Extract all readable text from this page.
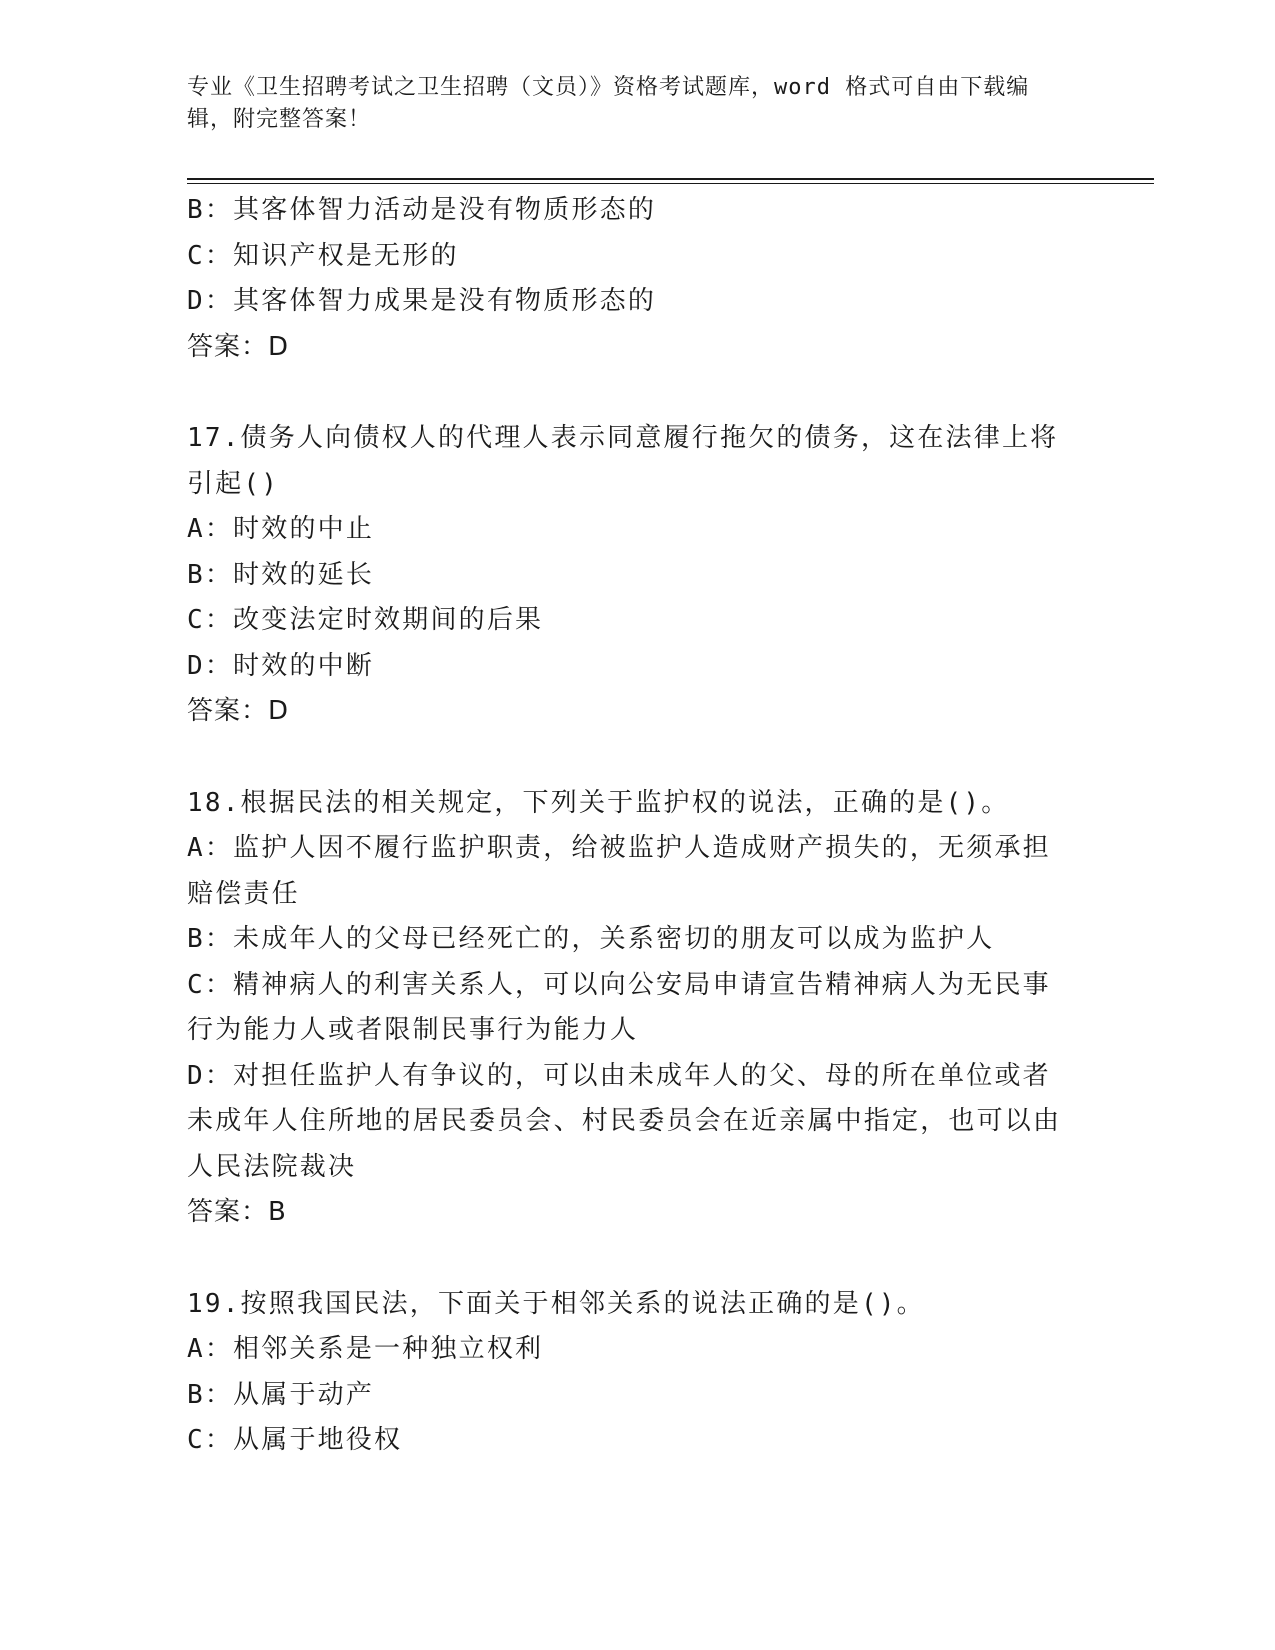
专业《卫生招聘考试之卫生招聘（文员）》资格考试题库，word 格式可自由下载编辑，附完整答案！
B：其客体智力活动是没有物质形态的
C：知识产权是无形的
D：其客体智力成果是没有物质形态的
答案：D
17.债务人向债权人的代理人表示同意履行拖欠的债务，这在法律上将引起()
A：时效的中止
B：时效的延长
C：改变法定时效期间的后果
D：时效的中断
答案：D
18.根据民法的相关规定，下列关于监护权的说法，正确的是()。
A：监护人因不履行监护职责，给被监护人造成财产损失的，无须承担赔偿责任
B：未成年人的父母已经死亡的，关系密切的朋友可以成为监护人
C：精神病人的利害关系人，可以向公安局申请宣告精神病人为无民事行为能力人或者限制民事行为能力人
D：对担任监护人有争议的，可以由未成年人的父、母的所在单位或者未成年人住所地的居民委员会、村民委员会在近亲属中指定，也可以由人民法院裁决
答案：B
19.按照我国民法，下面关于相邻关系的说法正确的是()。
A：相邻关系是一种独立权利
B：从属于动产
C：从属于地役权
